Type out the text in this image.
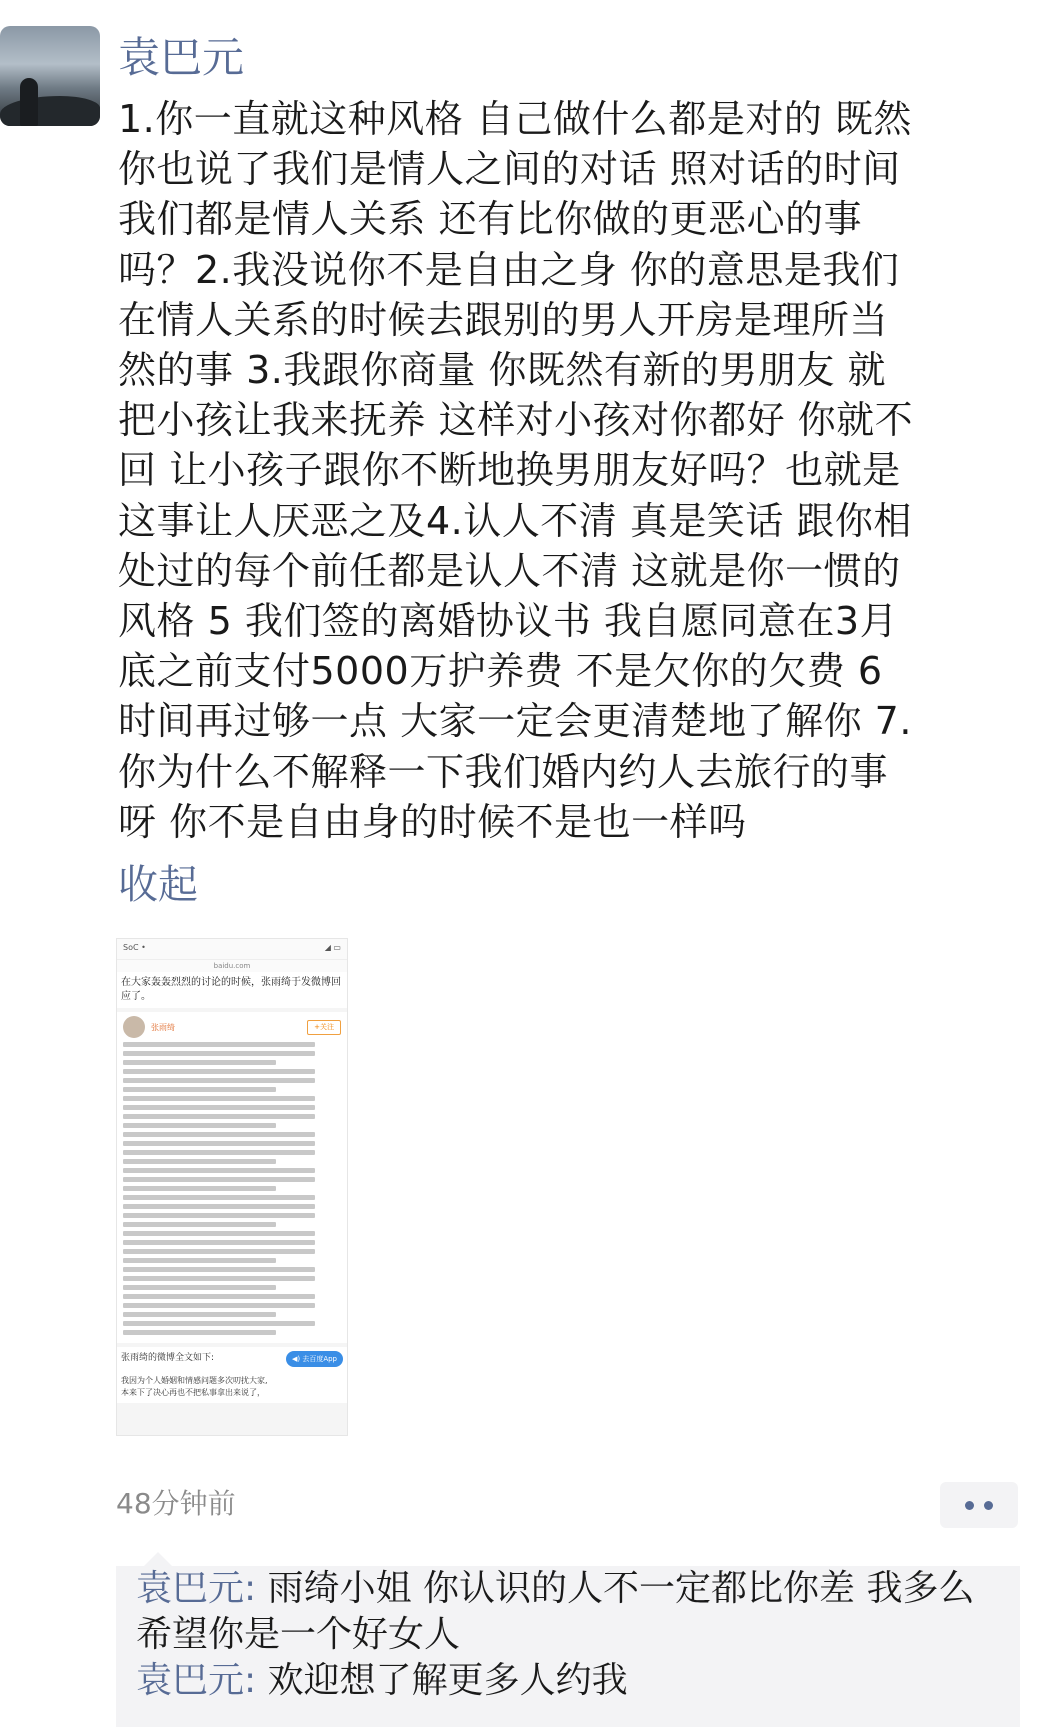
袁巴元
1.你一直就这种风格 自己做什么都是对的 既然
你也说了我们是情人之间的对话 照对话的时间
我们都是情人关系 还有比你做的更恶心的事
吗？2.我没说你不是自由之身 你的意思是我们
在情人关系的时候去跟别的男人开房是理所当
然的事 3.我跟你商量 你既然有新的男朋友 就
把小孩让我来抚养 这样对小孩对你都好 你就不
回 让小孩子跟你不断地换男朋友好吗？也就是
这事让人厌恶之及4.认人不清 真是笑话 跟你相
处过的每个前任都是认人不清 这就是你一惯的
风格 5 我们签的离婚协议书 我自愿同意在3月
底之前支付5000万护养费 不是欠你的欠费 6
时间再过够一点 大家一定会更清楚地了解你 7.
你为什么不解释一下我们婚内约人去旅行的事
呀 你不是自由身的时候不是也一样吗
收起
SoC •	◢ ▭
baidu.com
在大家轰轰烈烈的讨论的时候，张雨绮于发微博回应了。
张雨绮	+关注
◀) 去百度App
张雨绮的微博全文如下:
我因为个人婚姻和情感问题多次叨扰大家,
本来下了决心再也不把私事拿出来说了，
48分钟前
袁巴元: 雨绮小姐 你认识的人不一定都比你差 我多么希望你是一个好女人
袁巴元: 欢迎想了解更多人约我
